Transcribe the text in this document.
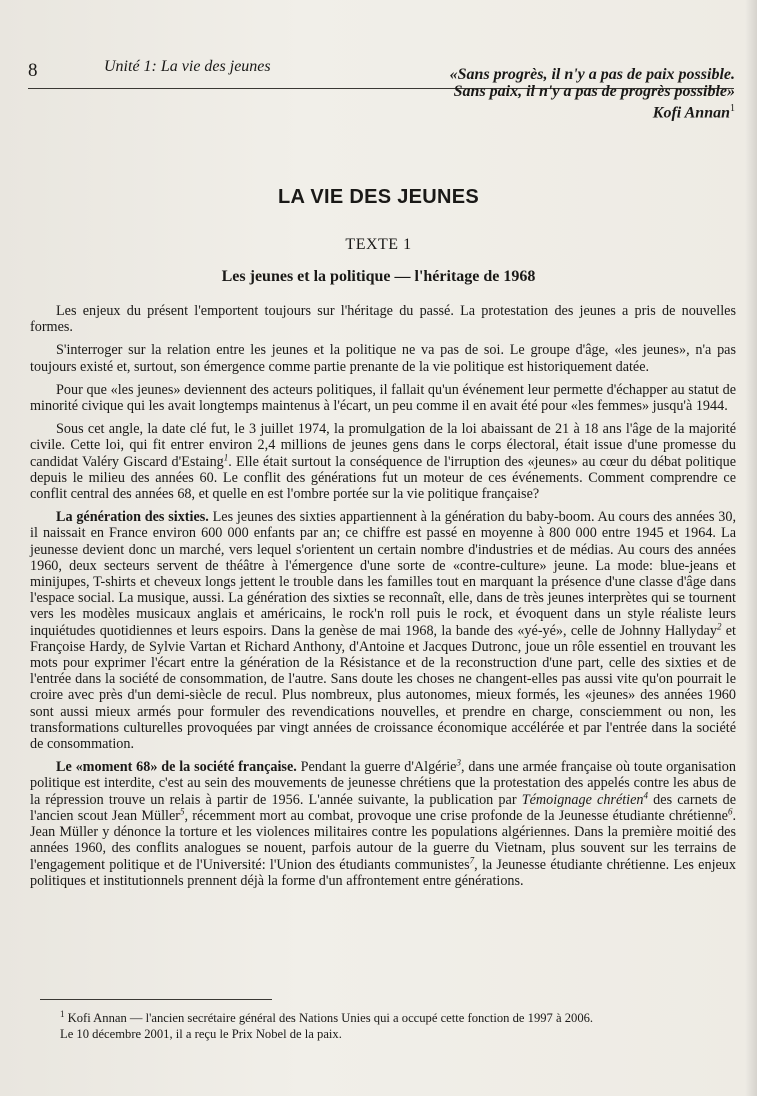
8	Unité 1: La vie des jeunes	«Sans progrès, il n'y a pas de paix possible.
Sans paix, il n'y a pas de progrès possible»
Kofi Annan$^1$
LA VIE DES JEUNES
TEXTE 1
Les jeunes et la politique — l'héritage de 1968

Les enjeux du présent l'emportent toujours sur l'héritage du passé. La protestation des jeunes a pris de nouvelles formes.

S'interroger sur la relation entre les jeunes et la politique ne va pas de soi. Le groupe d'âge, «les jeunes», n'a pas toujours existé et, surtout, son émergence comme partie prenante de la vie politique est historiquement datée.

Pour que «les jeunes» deviennent des acteurs politiques, il fallait qu'un événement leur permette d'échapper au statut de minorité civique qui les avait longtemps maintenus à l'écart, un peu comme il en avait été pour «les femmes» jusqu'à 1944.

Sous cet angle, la date clé fut, le 3 juillet 1974, la promulgation de la loi abaissant de 21 à 18 ans l'âge de la majorité civile. Cette loi, qui fit entrer environ 2,4 millions de jeunes gens dans le corps électoral, était issue d'une promesse du candidat Valéry Giscard d'Estaing$^1$. Elle était surtout la conséquence de l'irruption des «jeunes» au cœur du débat politique depuis le milieu des années 60. Le conflit des générations fut un moteur de ces événements. Comment comprendre ce conflit central des années 68, et quelle en est l'ombre portée sur la vie politique française?

La génération des sixties. Les jeunes des sixties appartiennent à la génération du baby-boom. Au cours des années 30, il naissait en France environ 600 000 enfants par an; ce chiffre est passé en moyenne à 800 000 entre 1945 et 1964. La jeunesse devient donc un marché, vers lequel s'orientent un certain nombre d'industries et de médias. Au cours des années 1960, deux secteurs servent de théâtre à l'émergence d'une sorte de «contre-culture» jeune. La mode: blue-jeans et minijupes, T-shirts et cheveux longs jettent le trouble dans les familles tout en marquant la présence d'une classe d'âge dans l'espace social. La musique, aussi. La génération des sixties se reconnaît, elle, dans de très jeunes interprètes qui se tournent vers les modèles musicaux anglais et américains, le rock'n roll puis le rock, et évoquent dans un style réaliste leurs inquiétudes quotidiennes et leurs espoirs. Dans la genèse de mai 1968, la bande des «yé-yé», celle de Johnny Hallyday$^2$ et Françoise Hardy, de Sylvie Vartan et Richard Anthony, d'Antoine et Jacques Dutronc, joue un rôle essentiel en trouvant les mots pour exprimer l'écart entre la génération de la Résistance et de la reconstruction d'une part, celle des sixties et de l'entrée dans la société de consommation, de l'autre. Sans doute les choses ne changent-elles pas aussi vite qu'on pourrait le croire avec près d'un demi-siècle de recul. Plus nombreux, plus autonomes, mieux formés, les «jeunes» des années 1960 sont aussi mieux armés pour formuler des revendications nouvelles, et prendre en charge, consciemment ou non, les transformations culturelles provoquées par vingt années de croissance économique accélérée et par l'entrée dans la société de consommation.

Le «moment 68» de la société française. Pendant la guerre d'Algérie$^3$, dans une armée française où toute organisation politique est interdite, c'est au sein des mouvements de jeunesse chrétiens que la protestation des appelés contre les abus de la répression trouve un relais à partir de 1956. L'année suivante, la publication par Témoignage chrétien$^4$ des carnets de l'ancien scout Jean Müller$^5$, récemment mort au combat, provoque une crise profonde de la Jeunesse étudiante chrétienne$^6$. Jean Müller y dénonce la torture et les violences militaires contre les populations algériennes. Dans la première moitié des années 1960, des conflits analogues se nouent, parfois autour de la guerre du Vietnam, plus souvent sur les terrains de l'engagement politique et de l'Université: l'Union des étudiants communistes$^7$, la Jeunesse étudiante chrétienne. Les enjeux politiques et institutionnels prennent déjà la forme d'un affrontement entre générations.

$^1$ Kofi Annan — l'ancien secrétaire général des Nations Unies qui a occupé cette fonction de 1997 à 2006.
Le 10 décembre 2001, il a reçu le Prix Nobel de la paix.
